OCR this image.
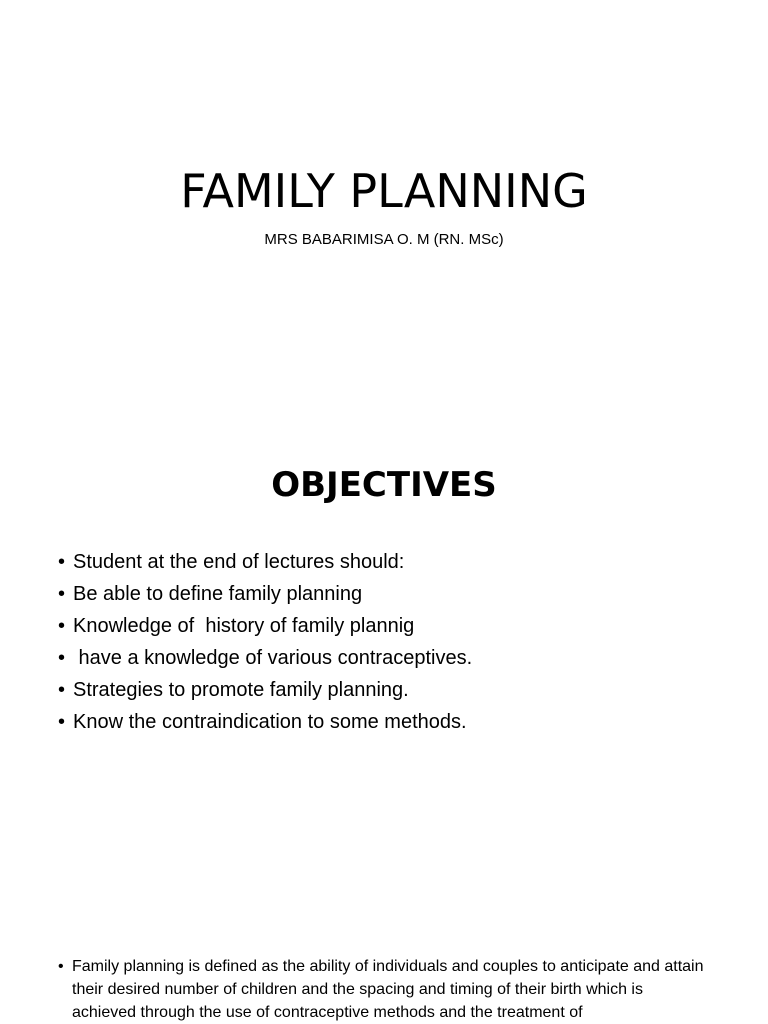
FAMILY PLANNING
MRS BABARIMISA O. M (RN. MSc)
OBJECTIVES
• Student at the end of lectures should:
• Be able to define family planning
• Knowledge of  history of family plannig
•  have a knowledge of various contraceptives.
• Strategies to promote family planning.
• Know the contraindication to some methods.
• Family planning is defined as the ability of individuals and couples to anticipate and attain their desired number of children and the spacing and timing of their birth which is achieved through the use of contraceptive methods and the treatment of
